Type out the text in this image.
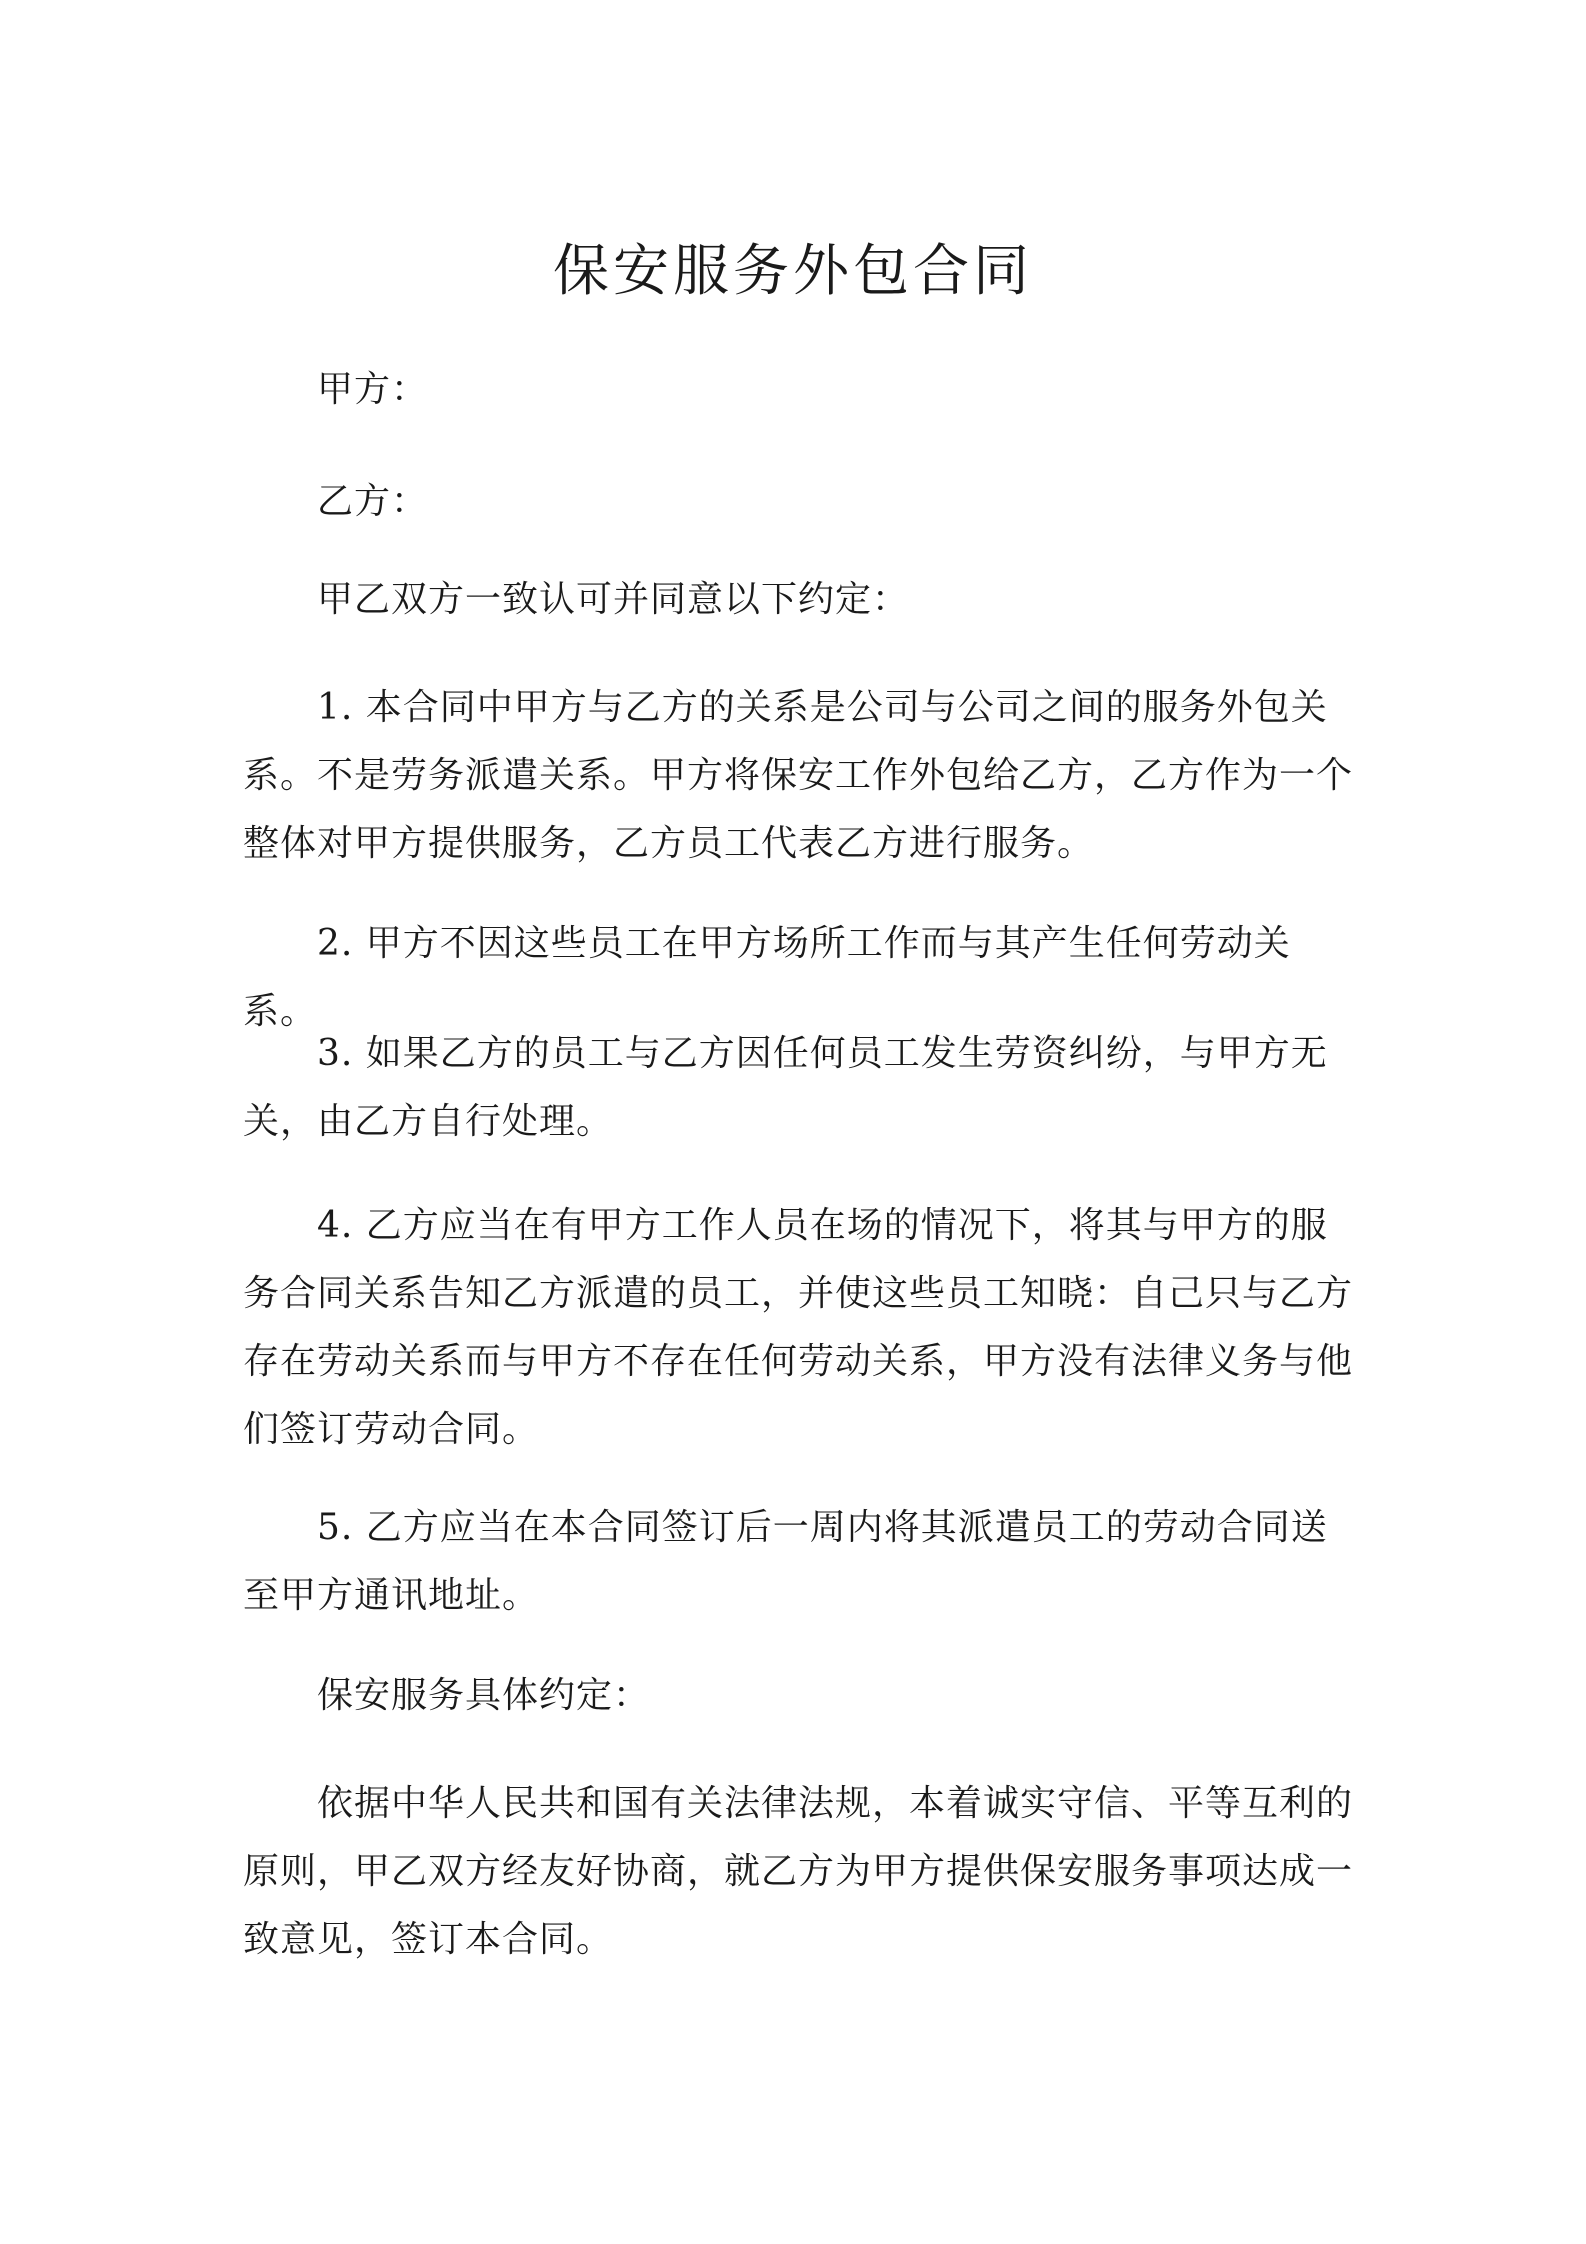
保安服务外包合同

甲方：

乙方：

甲乙双方一致认可并同意以下约定：

1. 本合同中甲方与乙方的关系是公司与公司之间的服务外包关系。不是劳务派遣关系。甲方将保安工作外包给乙方，乙方作为一个整体对甲方提供服务，乙方员工代表乙方进行服务。

2. 甲方不因这些员工在甲方场所工作而与其产生任何劳动关系。

3. 如果乙方的员工与乙方因任何员工发生劳资纠纷，与甲方无关，由乙方自行处理。

4. 乙方应当在有甲方工作人员在场的情况下，将其与甲方的服务合同关系告知乙方派遣的员工，并使这些员工知晓：自己只与乙方存在劳动关系而与甲方不存在任何劳动关系，甲方没有法律义务与他们签订劳动合同。

5. 乙方应当在本合同签订后一周内将其派遣员工的劳动合同送至甲方通讯地址。

保安服务具体约定：

依据中华人民共和国有关法律法规，本着诚实守信、平等互利的原则，甲乙双方经友好协商，就乙方为甲方提供保安服务事项达成一致意见，签订本合同。
